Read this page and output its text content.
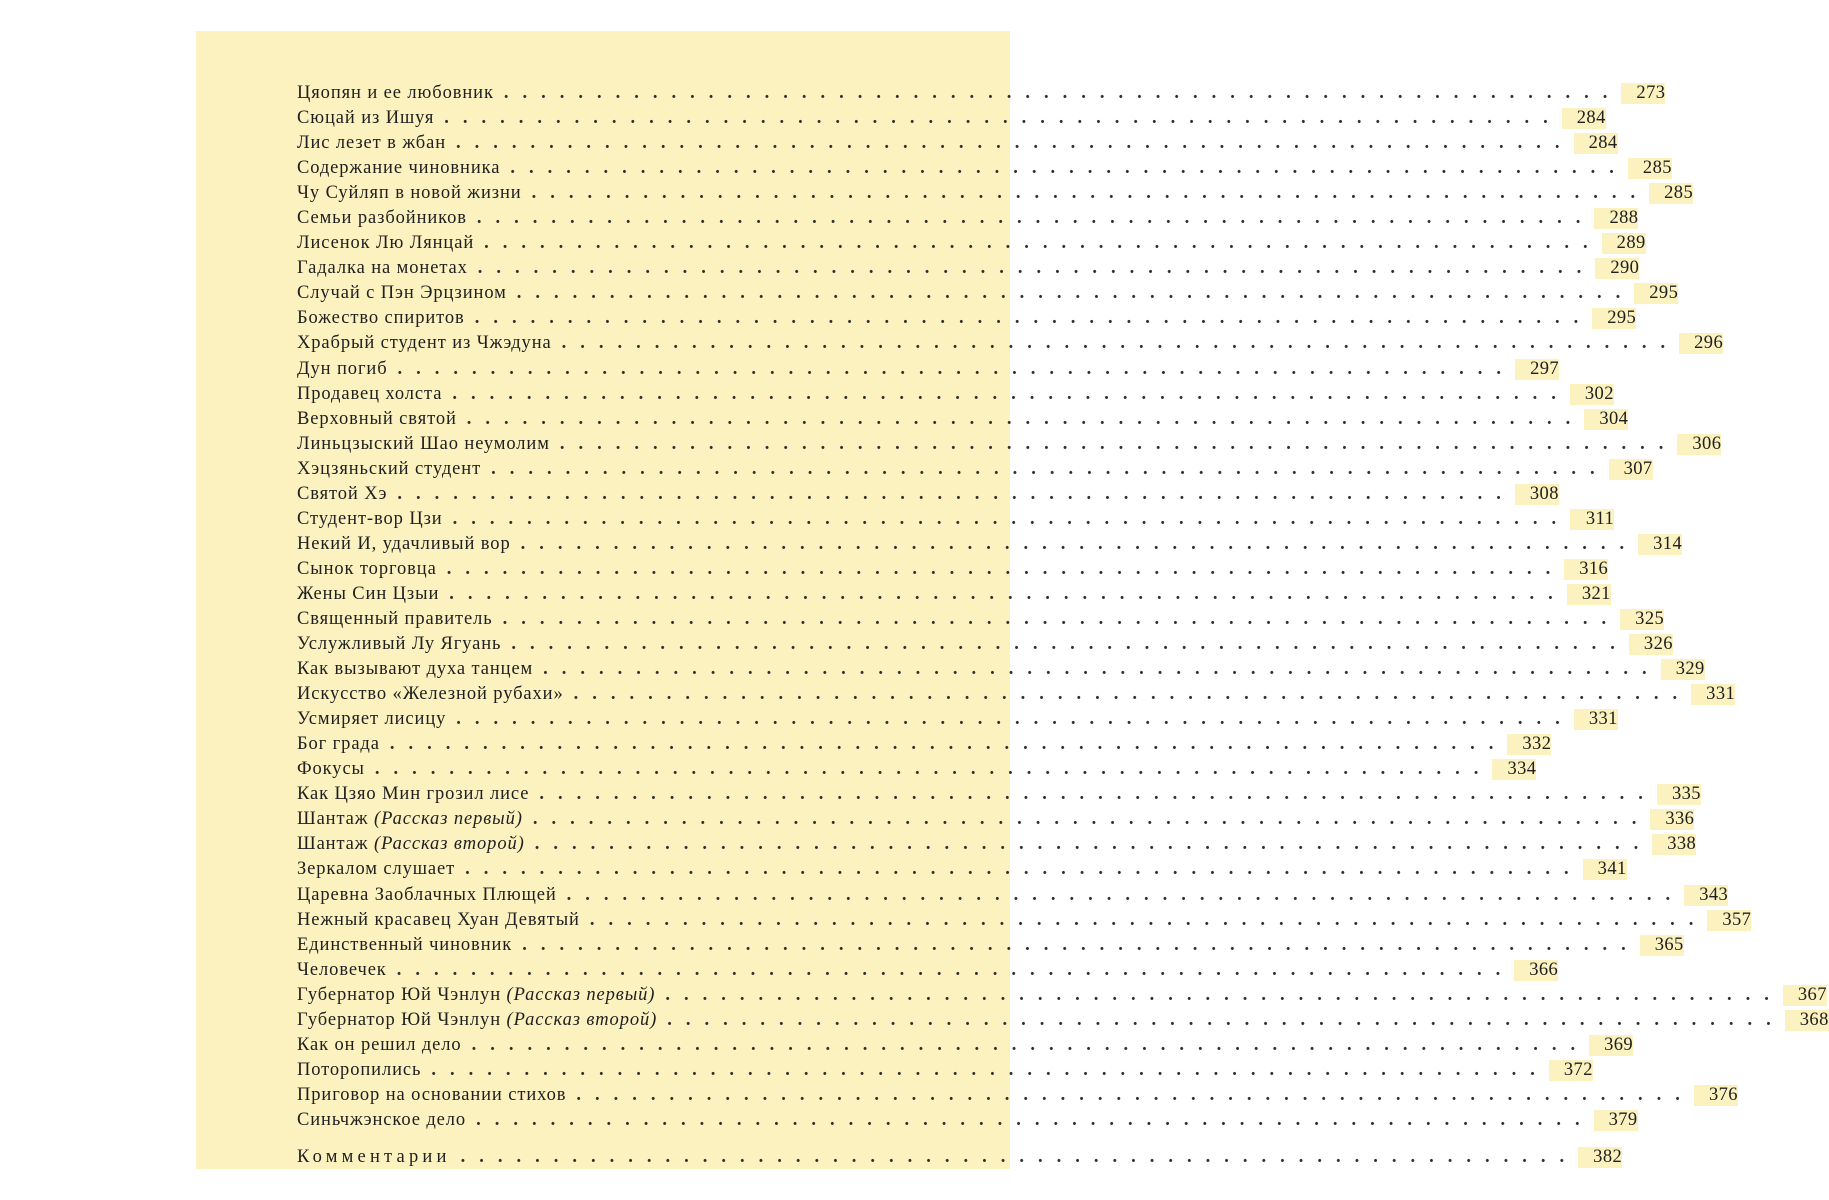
Цяопян и ее любовник ............................................................ 273
Сюцай из Ишуя ............................................................ 284
Лис лезет в жбан ............................................................ 284
Содержание чиновника ............................................................ 285
Чу Суйляп в новой жизни ............................................................ 285
Семьи разбойников ............................................................ 288
Лисенок Лю Лянцай ............................................................ 289
Гадалка на монетах ............................................................ 290
Случай с Пэн Эрцзином ............................................................ 295
Божество спиритов ............................................................ 295
Храбрый студент из Чжэдуна ............................................................ 296
Дун погиб ............................................................ 297
Продавец холста ............................................................ 302
Верховный святой ............................................................ 304
Линьцзыский Шао неумолим ............................................................ 306
Хэцзяньский студент ............................................................ 307
Святой Хэ ............................................................ 308
Студент-вор Цзи ............................................................ 311
Некий И, удачливый вор ............................................................ 314
Сынок торговца ............................................................ 316
Жены Син Цзыи ............................................................ 321
Священный правитель ............................................................ 325
Услужливый Лу Ягуань ............................................................ 326
Как вызывают духа танцем ............................................................ 329
Искусство «Железной рубахи» ............................................................ 331
Усмиряет лисицу ............................................................ 331
Бог града ............................................................ 332
Фокусы ............................................................ 334
Как Цзяо Мин грозил лисе ............................................................ 335
Шантаж (Рассказ первый) ............................................................ 336
Шантаж (Рассказ второй) ............................................................ 338
Зеркалом слушает ............................................................ 341
Царевна Заоблачных Плющей ............................................................ 343
Нежный красавец Хуан Девятый ............................................................ 357
Единственный чиновник ............................................................ 365
Человечек ............................................................ 366
Губернатор Юй Чэнлун (Рассказ первый) ............................................................ 367
Губернатор Юй Чэнлун (Рассказ второй) ............................................................ 368
Как он решил дело ............................................................ 369
Поторопились ............................................................ 372
Приговор на основании стихов ............................................................ 376
Синьчжэнское дело ............................................................ 379
Комментарии ............................................................ 382
